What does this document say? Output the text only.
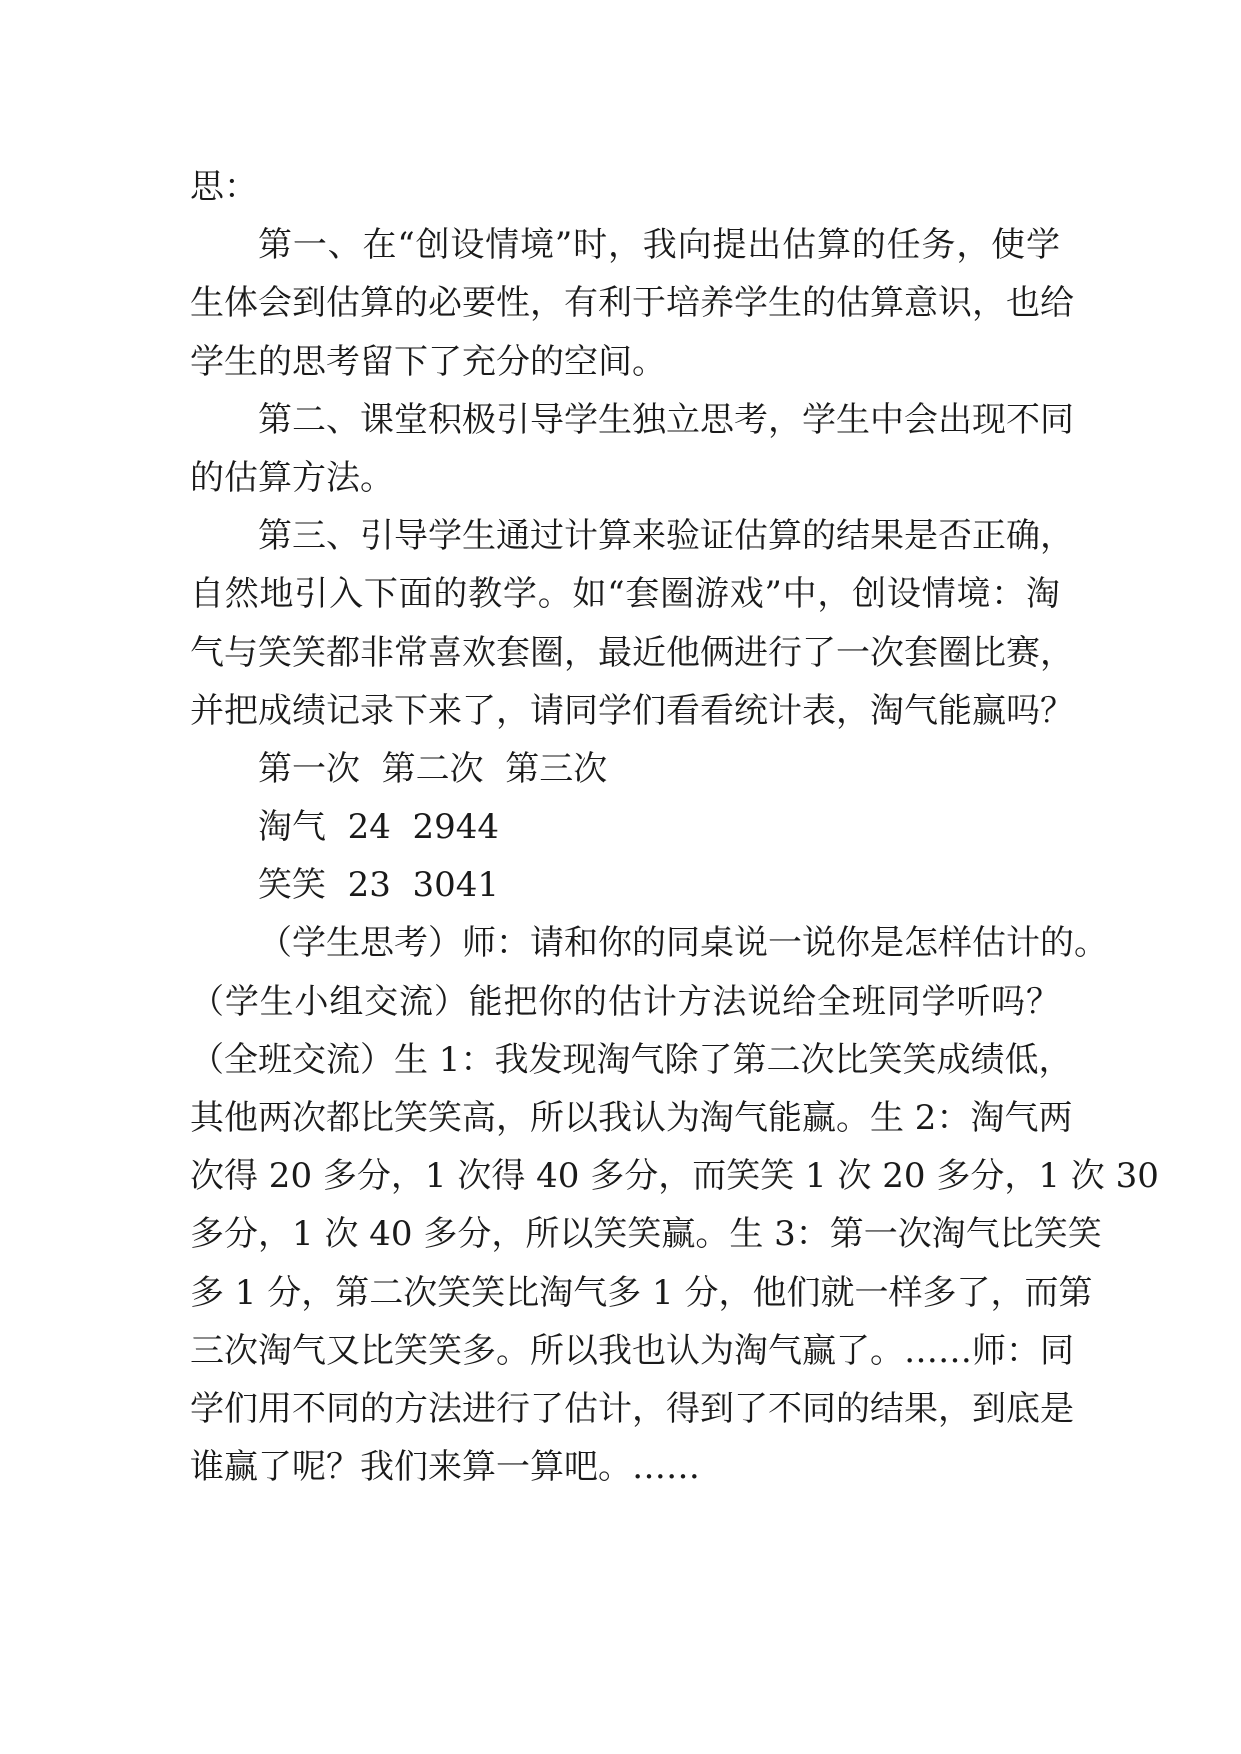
思：

第一、在“创设情境”时，我向提出估算的任务，使学

生体会到估算的必要性，有利于培养学生的估算意识，也给

学生的思考留下了充分的空间。

第二、课堂积极引导学生独立思考，学生中会出现不同

的估算方法。

第三、引导学生通过计算来验证估算的结果是否正确，

自然地引入下面的教学。如“套圈游戏”中，创设情境：淘

气与笑笑都非常喜欢套圈，最近他俩进行了一次套圈比赛，

并把成绩记录下来了，请同学们看看统计表，淘气能赢吗？

第一次  第二次  第三次

淘气  24  2944

笑笑  23  3041

（学生思考）师：请和你的同桌说一说你是怎样估计的。

（学生小组交流）能把你的估计方法说给全班同学听吗？

（全班交流）生 1：我发现淘气除了第二次比笑笑成绩低，

其他两次都比笑笑高，所以我认为淘气能赢。生 2：淘气两

次得 20 多分，1 次得 40 多分，而笑笑 1 次 20 多分，1 次 30

多分，1 次 40 多分，所以笑笑赢。生 3：第一次淘气比笑笑

多 1 分，第二次笑笑比淘气多 1 分，他们就一样多了，而第

三次淘气又比笑笑多。所以我也认为淘气赢了。……师：同

学们用不同的方法进行了估计，得到了不同的结果，到底是

谁赢了呢？我们来算一算吧。……
